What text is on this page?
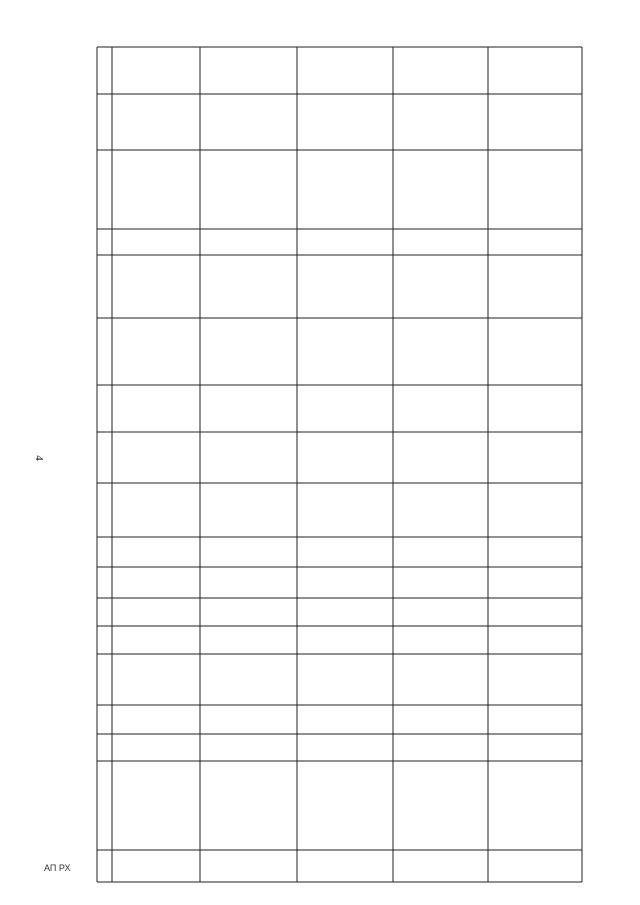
4
АП РХ
